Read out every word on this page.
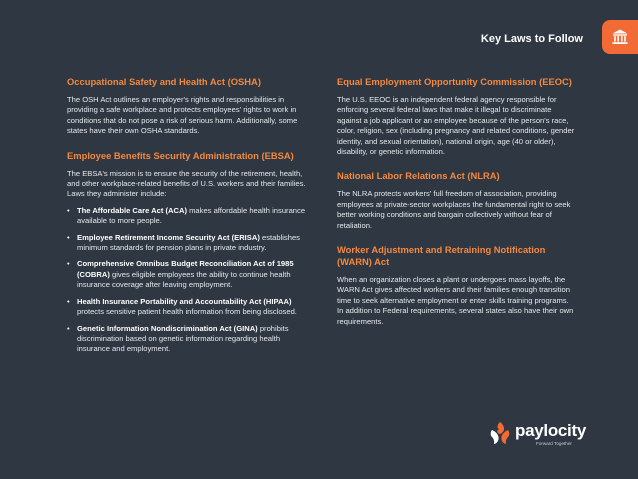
Key Laws to Follow
Occupational Safety and Health Act (OSHA)
The OSH Act outlines an employer's rights and responsibilities in providing a safe workplace and protects employees' rights to work in conditions that do not pose a risk of serious harm. Additionally, some states have their own OSHA standards.
Employee Benefits Security Administration (EBSA)
The EBSA's mission is to ensure the security of the retirement, health, and other workplace-related benefits of U.S. workers and their families. Laws they administer include:
• The Affordable Care Act (ACA) makes affordable health insurance available to more people.
• Employee Retirement Income Security Act (ERISA) establishes minimum standards for pension plans in private industry.
• Comprehensive Omnibus Budget Reconciliation Act of 1985 (COBRA) gives eligible employees the ability to continue health insurance coverage after leaving employment.
• Health Insurance Portability and Accountability Act (HIPAA) protects sensitive patient health information from being disclosed.
• Genetic Information Nondiscrimination Act (GINA) prohibits discrimination based on genetic information regarding health insurance and employment.
Equal Employment Opportunity Commission (EEOC)
The U.S. EEOC is an independent federal agency responsible for enforcing several federal laws that make it illegal to discriminate against a job applicant or an employee because of the person's race, color, religion, sex (including pregnancy and related conditions, gender identity, and sexual orientation), national origin, age (40 or older), disability, or genetic information.
National Labor Relations Act (NLRA)
The NLRA protects workers' full freedom of association, providing employees at private-sector workplaces the fundamental right to seek better working conditions and bargain collectively without fear of retaliation.
Worker Adjustment and Retraining Notification (WARN) Act
When an organization closes a plant or undergoes mass layoffs, the WARN Act gives affected workers and their families enough transition time to seek alternative employment or enter skills training programs. In addition to Federal requirements, several states also have their own requirements.
paylocity
Forward Together
